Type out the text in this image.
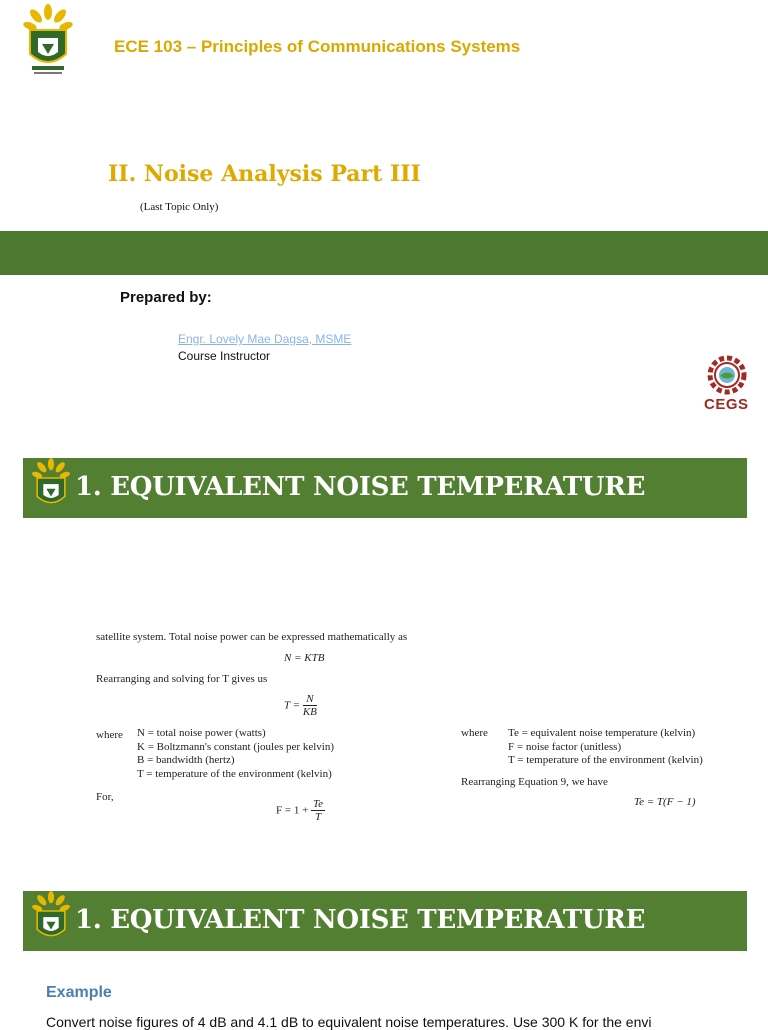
ECE 103 – Principles of Communications Systems
II. Noise Analysis Part III
(Last Topic Only)
Prepared by:
Engr. Lovely Mae Dagsa, MSME
Course Instructor
CEGS
1. EQUIVALENT NOISE TEMPERATURE
satellite system. Total noise power can be expressed mathematically as
N = KTB
Rearranging and solving for T gives us
$T = \frac{N}{KB}$
where N = total noise power (watts)
K = Boltzmann's constant (joules per kelvin)
B = bandwidth (hertz)
T = temperature of the environment (kelvin)
For,
$F = 1 + \frac{Te}{T}$
where Te = equivalent noise temperature (kelvin)
F = noise factor (unitless)
T = temperature of the environment (kelvin)
Rearranging Equation 9, we have
Te = T(F − 1)
1. EQUIVALENT NOISE TEMPERATURE
Example
Convert noise figures of 4 dB and 4.1 dB to equivalent noise temperatures. Use 300 K for the envi
